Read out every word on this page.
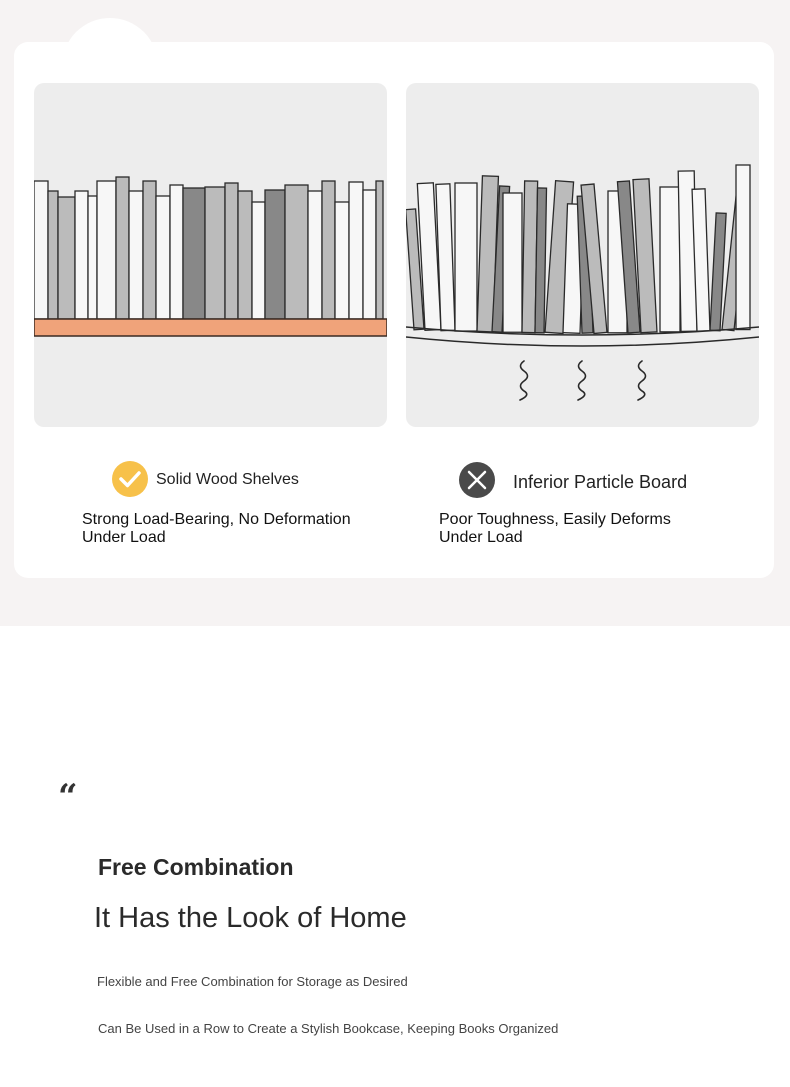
Solid Wood Shelves	Inferior Particle Board
Strong Load-Bearing, No Deformation
Under Load
Poor Toughness, Easily Deforms
Under Load
“
Free Combination
It Has the Look of Home
Flexible and Free Combination for Storage as Desired
Can Be Used in a Row to Create a Stylish Bookcase, Keeping Books Organized
